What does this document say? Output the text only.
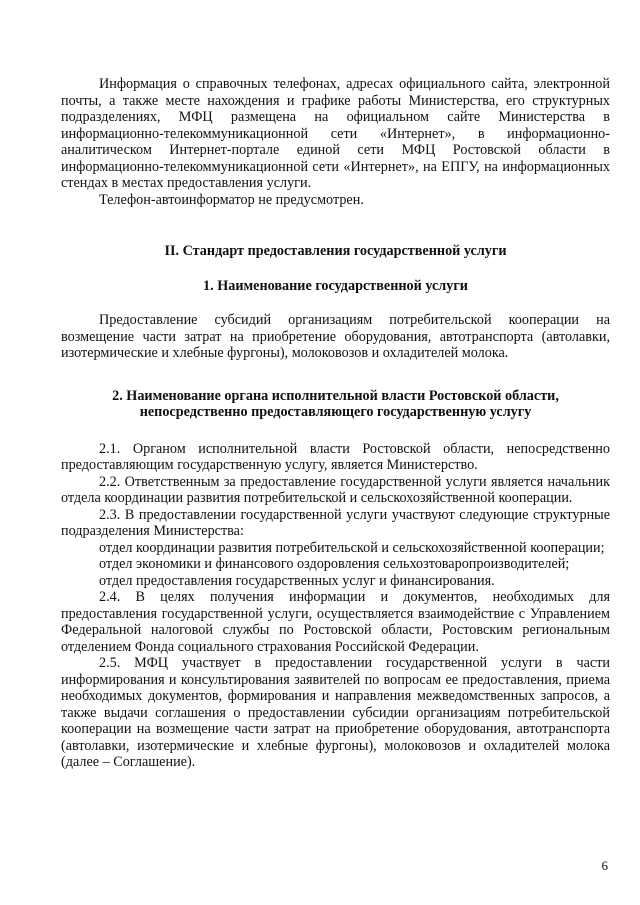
Информация о справочных телефонах, адресах официального сайта, электронной почты, а также месте нахождения и графике работы Министерства, его структурных подразделениях, МФЦ размещена на официальном сайте Министерства в информационно-телекоммуникационной сети «Интернет», в информационно-аналитическом Интернет-портале единой сети МФЦ Ростовской области в информационно-телекоммуникационной сети «Интернет», на ЕПГУ, на информационных стендах в местах предоставления услуги.

Телефон-автоинформатор не предусмотрен.

II. Стандарт предоставления государственной услуги
1. Наименование государственной услуги

Предоставление субсидий организациям потребительской кооперации на возмещение части затрат на приобретение оборудования, автотранспорта (автолавки, изотермические и хлебные фургоны), молоковозов и охладителей молока.

2. Наименование органа исполнительной власти Ростовской области,
непосредственно предоставляющего государственную услугу

2.1. Органом исполнительной власти Ростовской области, непосредственно предоставляющим государственную услугу, является Министерство.

2.2. Ответственным за предоставление государственной услуги является начальник отдела координации развития потребительской и сельскохозяйственной кооперации.

2.3. В предоставлении государственной услуги участвуют следующие структурные подразделения Министерства:

отдел координации развития потребительской и сельскохозяйственной кооперации;

отдел экономики и финансового оздоровления сельхозтоваропроизводителей;

отдел предоставления государственных услуг и финансирования.

2.4. В целях получения информации и документов, необходимых для предоставления государственной услуги, осуществляется взаимодействие с Управлением Федеральной налоговой службы по Ростовской области, Ростовским региональным отделением Фонда социального страхования Российской Федерации.

2.5. МФЦ участвует в предоставлении государственной услуги в части информирования и консультирования заявителей по вопросам ее предоставления, приема необходимых документов, формирования и направления межведомственных запросов, а также выдачи соглашения о предоставлении субсидии организациям потребительской кооперации на возмещение части затрат на приобретение оборудования, автотранспорта (автолавки, изотермические и хлебные фургоны), молоковозов и охладителей молока (далее – Соглашение).

6
